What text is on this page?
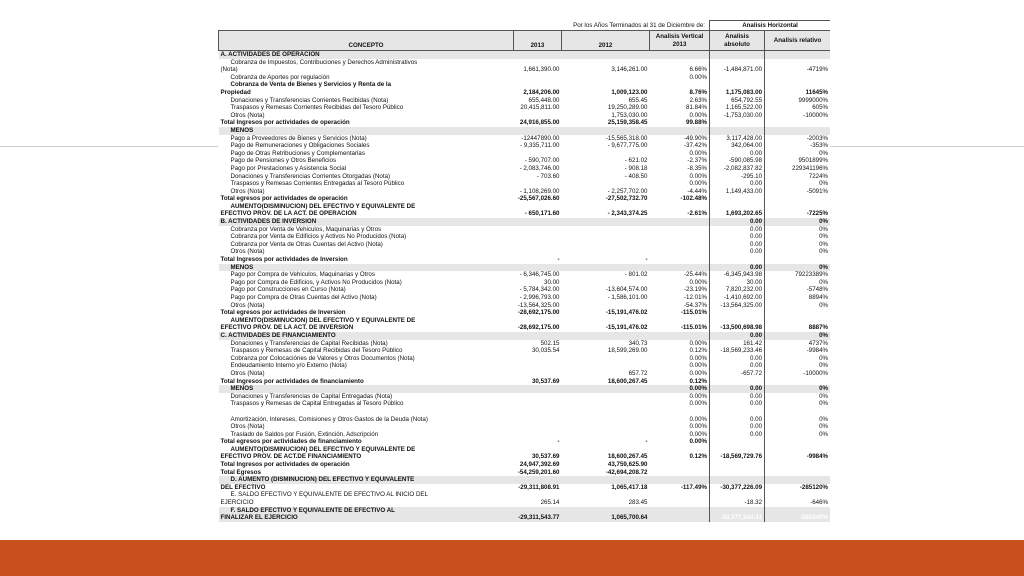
Por los Años Terminados al 31 de Diciembre de:				Analisis Horizontal	
CONCEPTO	2013	2012	Analisis Vertical 2013	Analisis absoluto	Analisis relativo
A. ACTIVIDADES DE OPERACION					
Cobranza de Impuestos, Contribuciones y Derechos Administrativos					
(Nota)	1,661,390.00	3,146,261.00	6.66%	-1,484,871.00	-4719%
Cobranza de Aportes por regulación			0.00%		
Cobranza de Venta de Bienes y Servicios y Renta de la					
Propiedad	2,184,206.00	1,009,123.00	8.76%	1,175,083.00	11645%
Donaciones y Transferencias Corrientes Recibidas (Nota)	655,448.00	655.45	2.63%	654,792.55	9999000%
Traspasos y Remesas Corrientes Recibidas del Tesoro Público	20,415,811.00	19,250,289.00	81.84%	1,165,522.00	605%
Otros (Nota)		1,753,030.00	0.00%	-1,753,030.00	-10000%
Total Ingresos por actividades de operación	24,916,855.00	25,159,358.45	99.88%		
MENOS					
Pago a Proveedores de Bienes y Servicios (Nota)	-12447890.00	-15,565,318.00	-49.90%	3,117,428.00	-2003%
Pago de Remuneraciones y Obligaciones Sociales	- 9,335,711.00	- 9,677,775.00	-37.42%	342,064.00	-353%
Pago de Otras Retribuciones y Complementarias			0.00%	0.00	0%
Pago de Pensiones y Otros Beneficios	- 590,707.00	- 621.02	-2.37%	-590,085.98	9501899%
Pago por Prestaciones y Asistencia Social	- 2,083,746.00	- 908.18	-8.35%	-2,082,837.82	229341196%
Donaciones y Transferencias Corrientes Otorgadas (Nota)	- 703.60	- 408.50	0.00%	-295.10	7224%
Traspasos y Remesas Corrientes Entregadas al Tesoro Público			0.00%	0.00	0%
Otros (Nota)	- 1,108,269.00	- 2,257,702.00	-4.44%	1,149,433.00	-5091%
Total egresos por actividades de operación	-25,567,026.60	-27,502,732.70	-102.48%		
AUMENTO(DISMINUCION) DEL EFECTIVO Y EQUIVALENTE DE					
EFECTIVO PROV. DE LA ACT. DE OPERACION	- 650,171.60	- 2,343,374.25	-2.61%	1,693,202.65	-7225%
B. ACTIVIDADES DE INVERSION				0.00	0%
Cobranza por Venta de Vehiculos, Maquinarias y Otros				0.00	0%
Cobranza por Venta de Edificios y Activos No Producidos (Nota)				0.00	0%
Cobranza por Venta de Otras Cuentas del Activo (Nota)				0.00	0%
Otros (Nota)				0.00	0%
Total Ingresos por actividades de Inversion	-	-			
MENOS				0.00	0%
Pago por Compra de Vehiculos, Maquinarias y Otros	- 6,346,745.00	- 801.02	-25.44%	-6,345,943.98	79223389%
Pago por Compra de Edificios, y Activos No Producidos (Nota)	30.00		0.00%	30.00	0%
Pago por Construcciones en Curso (Nota)	- 5,784,342.00	-13,604,574.00	-23.19%	7,820,232.00	-5748%
Pago por Compra de Otras Cuentas del Activo (Nota)	- 2,996,793.00	- 1,586,101.00	-12.01%	-1,410,692.00	8894%
Otros (Nota)	-13,564,325.00		-54.37%	-13,564,325.00	0%
Total egresos por actividades de Inversion	-28,692,175.00	-15,191,476.02	-115.01%		
AUMENTO(DISMINUCION) DEL EFECTIVO Y EQUIVALENTE DE					
EFECTIVO PROV. DE LA ACT. DE INVERSION	-28,692,175.00	-15,191,476.02	-115.01%	-13,500,698.98	8887%
C. ACTIVIDADES DE FINANCIAMIENTO				0.00	0%
Donaciones y Transferencias de Capital Recibidas (Nota)	502.15	340.73	0.00%	161.42	4737%
Traspasos y Remesas de Capital Recibidas del Tesoro Público	30,035.54	18,599,269.00	0.12%	-18,569,233.46	-9984%
Cobranza por Colocaciónes de Valores y Otros Documentos (Nota)			0.00%	0.00	0%
Endeudamiento Interno y/o Externo (Nota)			0.00%	0.00	0%
Otros (Nota)		657.72	0.00%	-657.72	-10000%
Total Ingresos por actividades de financiamiento	30,537.69	18,600,267.45	0.12%		
MENOS			0.00%	0.00	0%
Donaciones y Transferencias de Capital Entregadas (Nota)			0.00%	0.00	0%
Traspasos y Remesas de Capital Entregadas al Tesoro Público			0.00%	0.00	0%

Amortización, Intereses, Comisiones y Otros Gastos de la Deuda (Nota)			0.00%	0.00	0%
Otros (Nota)			0.00%	0.00	0%
Traslado de Saldos por Fusión, Extinción, Adscripción			0.00%	0.00	0%
Total egresos por actividades de financiamiento	-	-	0.00%		
AUMENTO(DISMINUCION) DEL EFECTIVO Y EQUIVALENTE DE					
EFECTIVO PROV. DE ACT.DE FINANCIAMIENTO	30,537.69	18,600,267.45	0.12%	-18,569,729.76	-9984%
Total Ingresos por actividades de operación	24,947,392.69	43,759,625.90			
Total Egresos	-54,259,201.60	-42,694,208.72			
D. AUMENTO (DISMINUCION) DEL EFECTIVO Y EQUIVALENTE					
DEL EFECTIVO	-29,311,808.91	1,065,417.18	-117.49%	-30,377,226.09	-285120%
E. SALDO EFECTIVO Y EQUIVALENTE DE EFECTIVO AL INICIO DEL					
EJERCICIO	265.14	283.45		-18.32	-646%
F. SALDO EFECTIVO Y EQUIVALENTE DE EFECTIVO AL					
FINALIZAR EL EJERCICIO	-29,311,543.77	1,065,700.64		-30,377,244.41	-285045%
